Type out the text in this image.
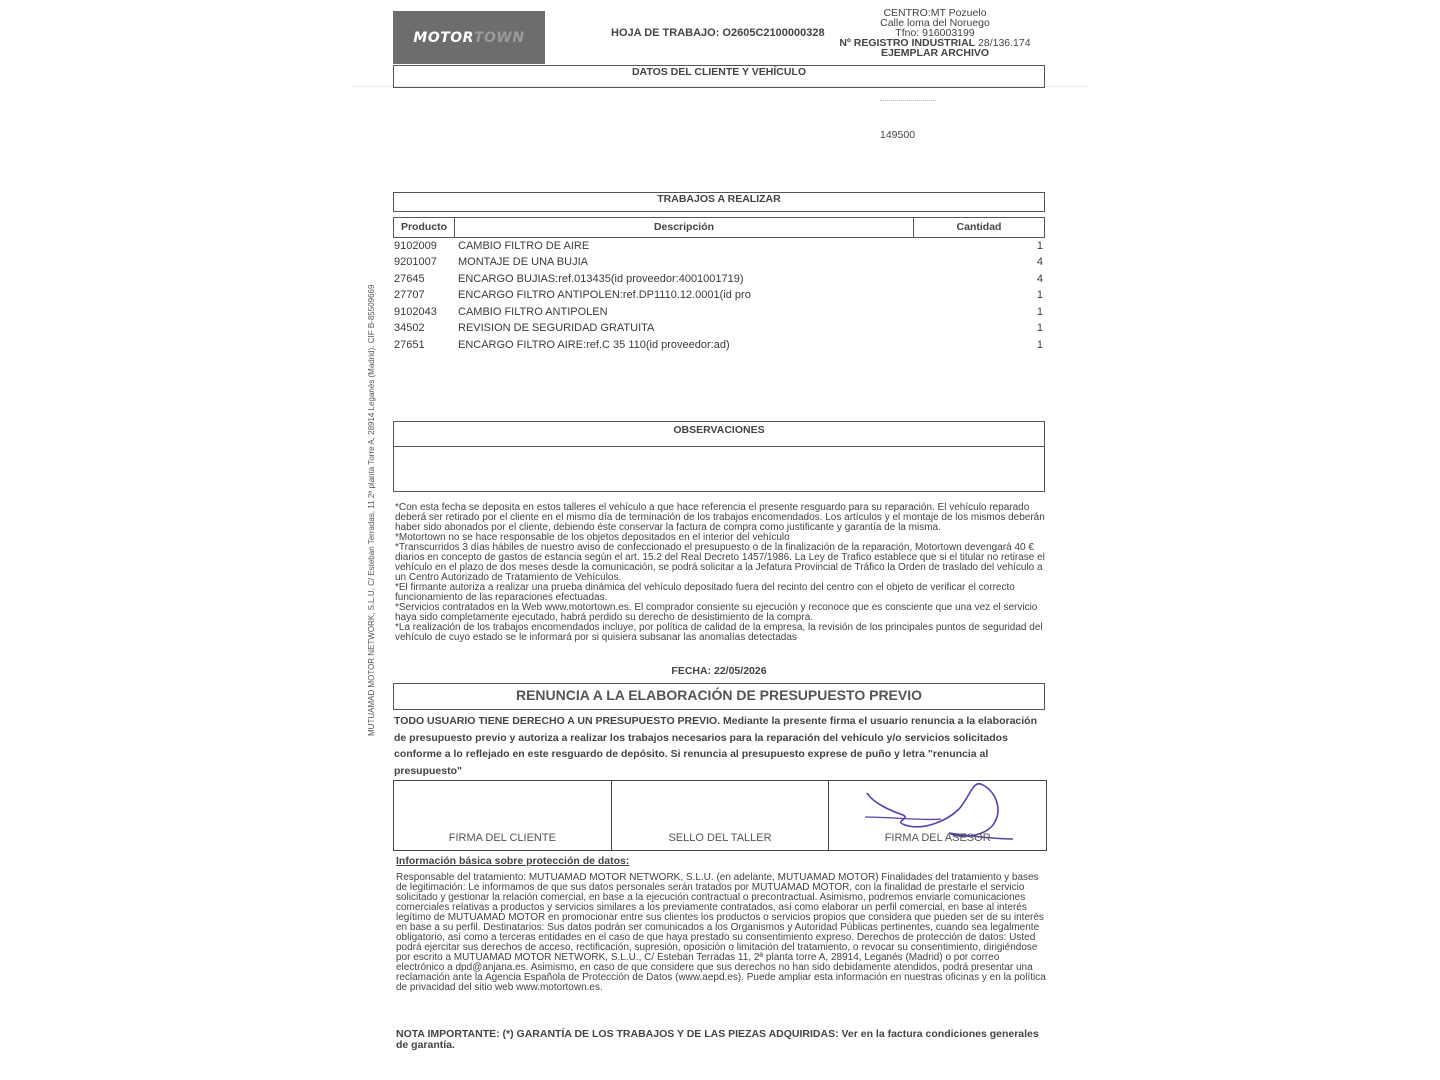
MOTOR TOWN	HOJA DE TRABAJO: O2605C2100000328
CENTRO:MT Pozuelo
Calle loma del Noruego
Tfno: 916003199
Nº REGISTRO INDUSTRIAL 28/136.174
EJEMPLAR ARCHIVO
DATOS DEL CLIENTE Y VEHÍCULO
149500
TRABAJOS A REALIZAR
Producto	Descripción	Cantidad
9102009 CAMBIO FILTRO DE AIRE	1
9201007 MONTAJE DE UNA BUJIA	4
27645	ENCARGO BUJIAS:ref.013435(id proveedor:4001001719)	4
27707	ENCARGO FILTRO ANTIPOLEN:ref.DP1110.12.0001(id pro	1
9102043 CAMBIO FILTRO ANTIPOLEN	1
34502	REVISION DE SEGURIDAD GRATUITA	1
27651	ENCARGO FILTRO AIRE:ref.C 35 110(id proveedor:ad)	1
OBSERVACIONES
*Con esta fecha se deposita en estos talleres el vehículo a que hace referencia el presente resguardo para su reparación. El vehículo reparado deberá ser retirado por el cliente en el mismo día de terminación de los trabajos encomendados. Los artículos y el montaje de los mismos deberán haber sido abonados por el cliente, debiendo éste conservar la factura de compra como justificante y garantía de la misma.
*Motortown no se hace responsable de los objetos depositados en el interior del vehículo
*Transcurridos 3 días hábiles de nuestro aviso de confeccionado el presupuesto o de la finalización de la reparación, Motortown devengará 40 € diarios en concepto de gastos de estancia según el art. 15.2 del Real Decreto 1457/1986. La Ley de Trafico establece que si el titular no retirase el vehículo en el plazo de dos meses desde la comunicación, se podrá solicitar a la Jefatura Provincial de Tráfico la Orden de traslado del vehículo a un Centro Autorizado de Tratamiento de Vehículos.
*El firmante autoriza a realizar una prueba dinámica del vehículo depositado fuera del recinto del centro con el objeto de verificar el correcto funcionamiento de las reparaciones efectuadas.
*Servicios contratados en la Web www.motortown.es. El comprador consiente su ejecución y reconoce que es consciente que una vez el servicio haya sido completamente ejecutado, habrá perdido su derecho de desistimiento de la compra.
*La realización de los trabajos encomendados incluye, por política de calidad de la empresa, la revisión de los principales puntos de seguridad del vehículo de cuyo estado se le informará por si quisiera subsanar las anomalías detectadas
FECHA: 22/05/2026
RENUNCIA A LA ELABORACIÓN DE PRESUPUESTO PREVIO
TODO USUARIO TIENE DERECHO A UN PRESUPUESTO PREVIO. Mediante la presente firma el usuario renuncia a la elaboración de presupuesto previo y autoriza a realizar los trabajos necesarios para la reparación del vehículo y/o servicios solicitados conforme a lo reflejado en este resguardo de depósito. Si renuncia al presupuesto exprese de puño y letra "renuncia al presupuesto"
FIRMA DEL CLIENTE	SELLO DEL TALLER	FIRMA DEL ASESOR
Información básica sobre protección de datos:
Responsable del tratamiento: MUTUAMAD MOTOR NETWORK, S.L.U. (en adelante, MUTUAMAD MOTOR) Finalidades del tratamiento y bases de legitimación: Le informamos de que sus datos personales serán tratados por MUTUAMAD MOTOR, con la finalidad de prestarle el servicio solicitado y gestionar la relación comercial, en base a la ejecución contractual o precontractual. Asimismo, podremos enviarle comunicaciones comerciales relativas a productos y servicios similares a los previamente contratados, así como elaborar un perfil comercial, en base al interés legítimo de MUTUAMAD MOTOR en promocionar entre sus clientes los productos o servicios propios que considera que pueden ser de su interés en base a su perfil. Destinatarios: Sus datos podrán ser comunicados a los Organismos y Autoridad Públicas pertinentes, cuando sea legalmente obligatorio, así como a terceras entidades en el caso de que haya prestado su consentimiento expreso. Derechos de protección de datos: Usted podrá ejercitar sus derechos de acceso, rectificación, supresión, oposición o limitación del tratamiento, o revocar su consentimiento, dirigiéndose por escrito a MUTUAMAD MOTOR NETWORK, S.L.U., C/ Esteban Terradas 11, 2ª planta torre A, 28914, Leganés (Madrid) o por correo electrónico a dpd@anjana.es. Asimismo, en caso de que considere que sus derechos no han sido debidamente atendidos, podrá presentar una reclamación ante la Agencia Española de Protección de Datos (www.aepd.es). Puede ampliar esta información en nuestras oficinas y en la política de privacidad del sitio web www.motortown.es.
NOTA IMPORTANTE: (*) GARANTÍA DE LOS TRABAJOS Y DE LAS PIEZAS ADQUIRIDAS: Ver en la factura condiciones generales de garantía.
MUTUAMAD MOTOR NETWORK, S.L.U. C/ Esteban Terradas, 11 2ª planta Torre A, 28914 Leganés (Madrid). CIF B-85509669
